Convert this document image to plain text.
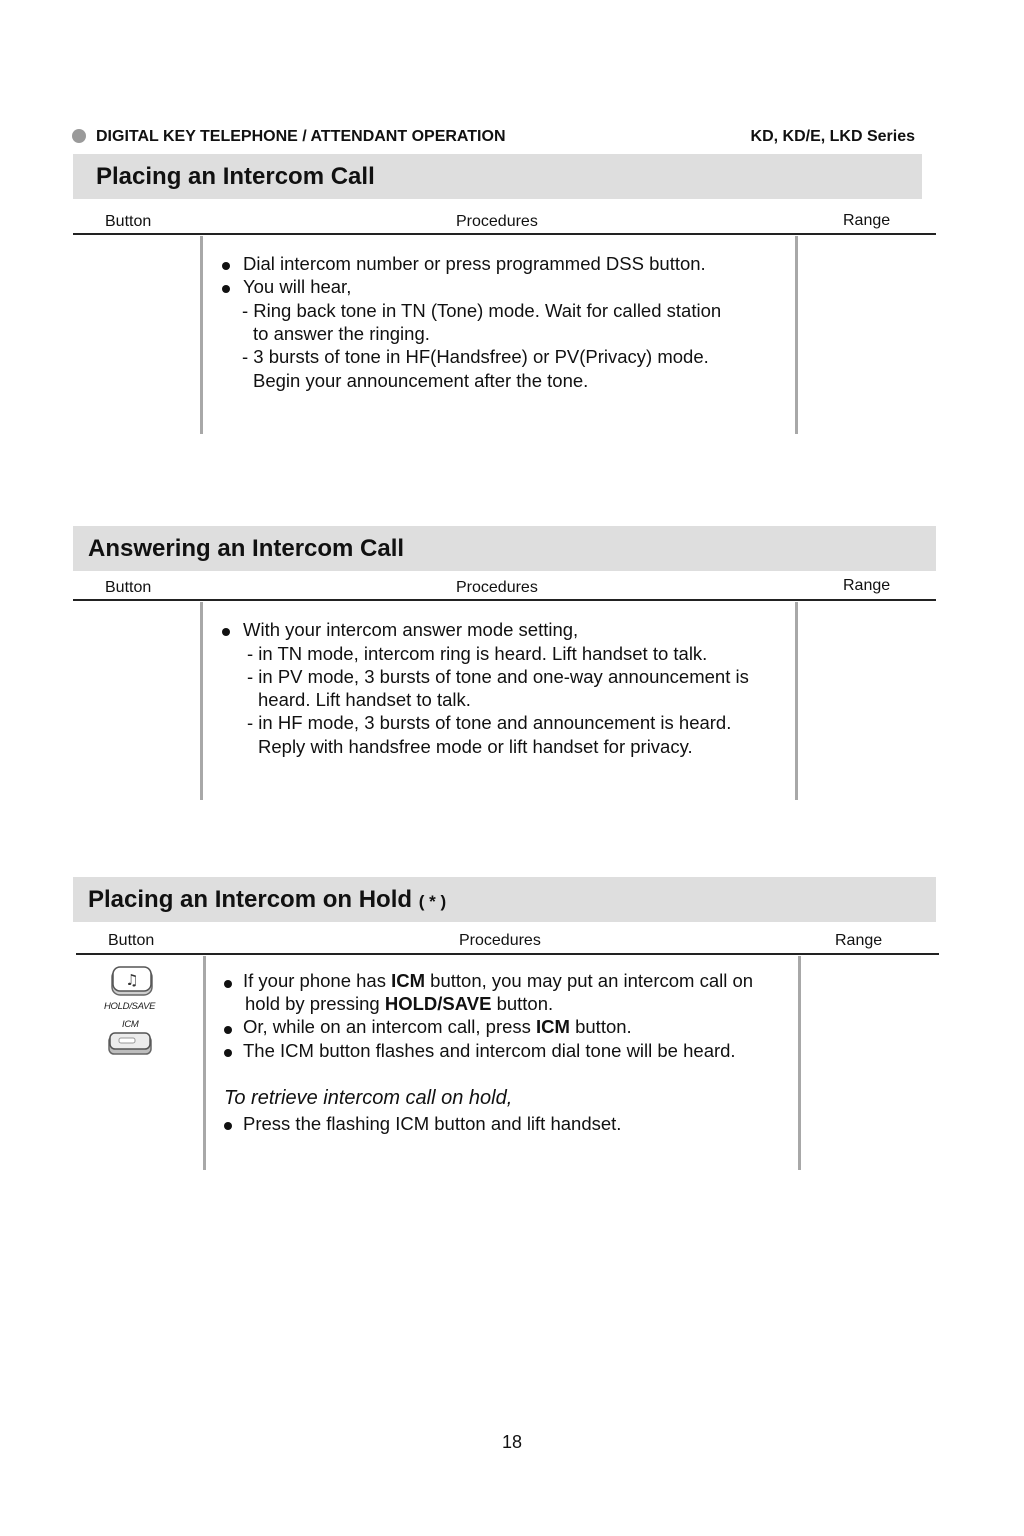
DIGITAL KEY TELEPHONE / ATTENDANT OPERATION	KD, KD/E, LKD Series
Placing an Intercom Call
Button	Procedures	Range
Dial intercom number or press programmed DSS button.
You will hear,
- Ring back tone in TN (Tone) mode. Wait for called station
to answer the ringing.
- 3 bursts of tone in HF(Handsfree) or PV(Privacy) mode.
Begin your announcement after the tone.
Answering an Intercom Call
Button	Procedures	Range
With your intercom answer mode setting,
- in TN mode, intercom ring is heard. Lift handset to talk.
- in PV mode, 3 bursts of tone and one-way announcement is
heard. Lift handset to talk.
- in HF mode, 3 bursts of tone and announcement is heard.
Reply with handsfree mode or lift handset for privacy.
Placing an Intercom on Hold ( * )
Button	Procedures	Range
♫
HOLD/SAVE
ICM
If your phone has ICM button, you may put an intercom call on
hold by pressing HOLD/SAVE button.
Or, while on an intercom call, press ICM button.
The ICM button flashes and intercom dial tone will be heard.
To retrieve intercom call on hold,
Press the flashing ICM button and lift handset.
18
